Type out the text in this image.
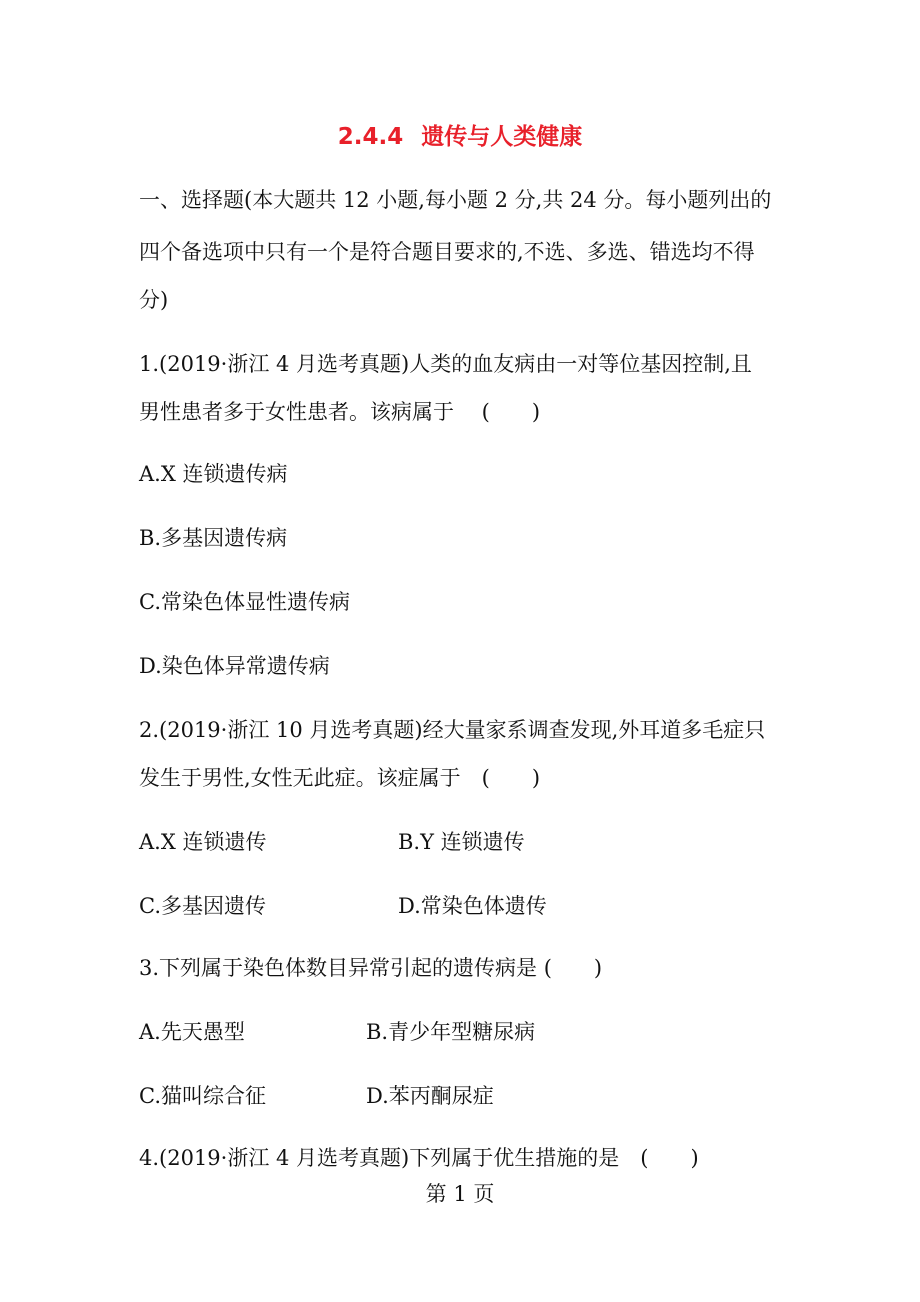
2.4.4 遗传与人类健康
一、选择题(本大题共 12 小题,每小题 2 分,共 24 分。每小题列出的
四个备选项中只有一个是符合题目要求的,不选、多选、错选均不得
分)
1.(2019·浙江 4 月选考真题)人类的血友病由一对等位基因控制,且
男性患者多于女性患者。该病属于　 (　　)
A.X 连锁遗传病
B.多基因遗传病
C.常染色体显性遗传病
D.染色体异常遗传病
2.(2019·浙江 10 月选考真题)经大量家系调查发现,外耳道多毛症只
发生于男性,女性无此症。该症属于　(　　)
A.X 连锁遗传	B.Y 连锁遗传
C.多基因遗传	D.常染色体遗传
3.下列属于染色体数目异常引起的遗传病是 (　　)
A.先天愚型	B.青少年型糖尿病
C.猫叫综合征	D.苯丙酮尿症
4.(2019·浙江 4 月选考真题)下列属于优生措施的是　(　　)
第 1 页
